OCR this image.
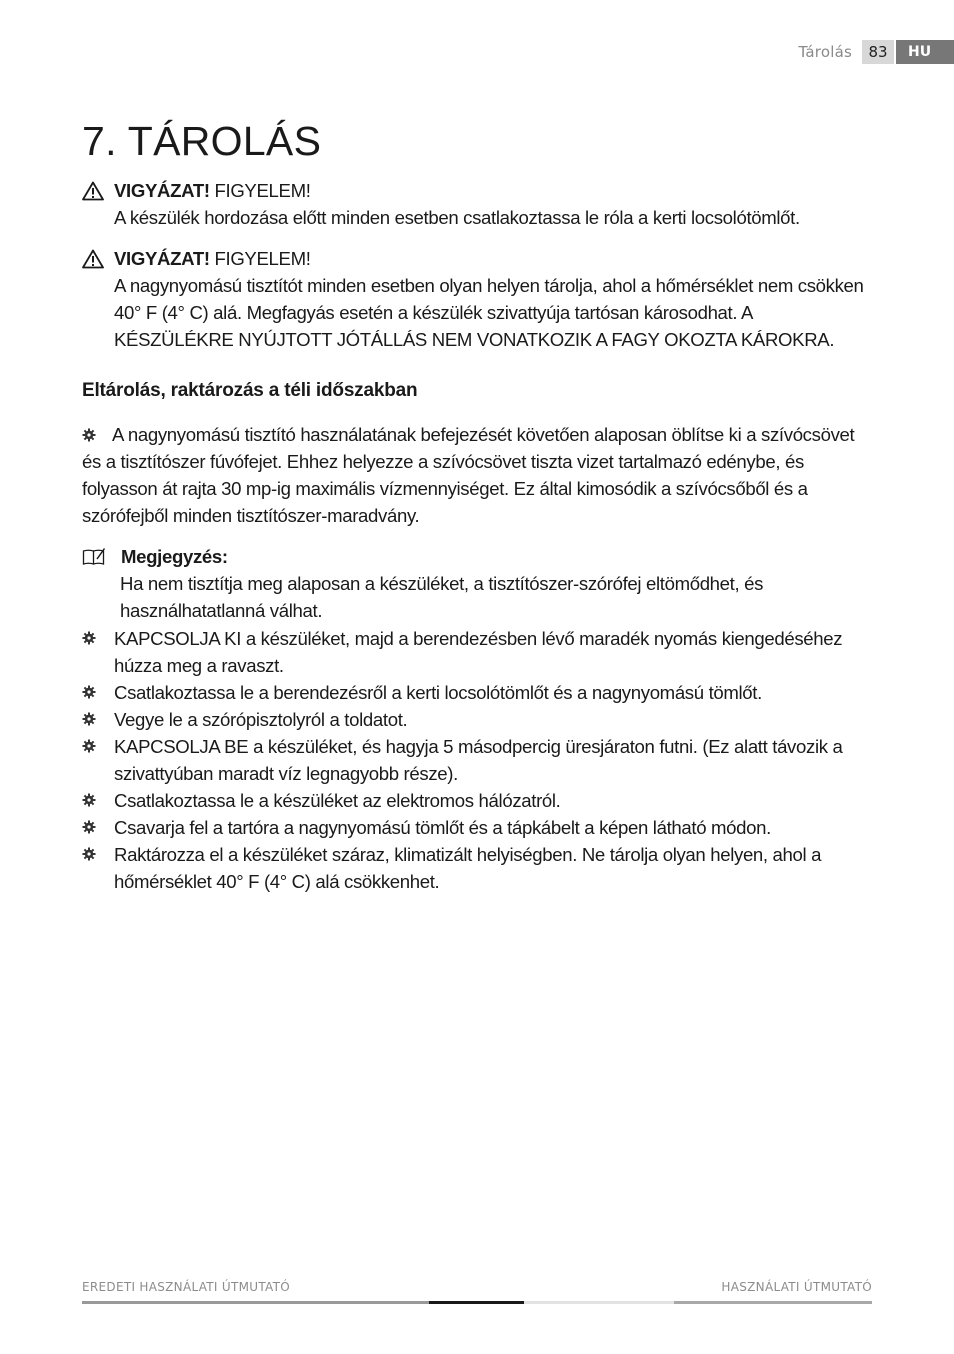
Tárolás	83	HU
7. TÁROLÁS
VIGYÁZAT!
FIGYELEM!
A készülék hordozása előtt minden esetben csatlakoztassa le róla a kerti locsolótömlőt.
VIGYÁZAT!
FIGYELEM!
A nagynyomású tisztítót minden esetben olyan helyen tárolja, ahol a hőmérséklet nem csökken 40° F (4° C) alá. Megfagyás esetén a készülék szivattyúja tartósan károsodhat. A KÉSZÜLÉKRE NYÚJTOTT JÓTÁLLÁS NEM VONATKOZIK A FAGY OKOZTA KÁROKRA.
Eltárolás, raktározás a téli időszakban
A nagynyomású tisztító használatának befejezését követően alaposan öblítse ki a szívócsövet és a tisztítószer fúvófejet. Ehhez helyezze a szívócsövet tiszta vizet tartalmazó edénybe, és folyasson át rajta 30 mp-ig maximális vízmennyiséget. Ez által kimosódik a szívócsőből és a szórófejből minden tisztítószer-maradvány.
Megjegyzés:
Ha nem tisztítja meg alaposan a készüléket, a tisztítószer-szórófej eltömődhet, és használhatatlanná válhat.
KAPCSOLJA KI a készüléket, majd a berendezésben lévő maradék nyomás kiengedéséhez húzza meg a ravaszt.
Csatlakoztassa le a berendezésről a kerti locsolótömlőt és a nagynyomású tömlőt.
Vegye le a szórópisztolyról a toldatot.
KAPCSOLJA BE a készüléket, és hagyja 5 másodpercig üresjáraton futni. (Ez alatt távozik a szivattyúban maradt víz legnagyobb része).
Csatlakoztassa le a készüléket az elektromos hálózatról.
Csavarja fel a tartóra a nagynyomású tömlőt és a tápkábelt a képen látható módon.
Raktározza el a készüléket száraz, klimatizált helyiségben. Ne tárolja olyan helyen, ahol a hőmérséklet 40° F (4° C) alá csökkenhet.
EREDETI HASZNÁLATI ÚTMUTATÓ	HASZNÁLATI ÚTMUTATÓ
